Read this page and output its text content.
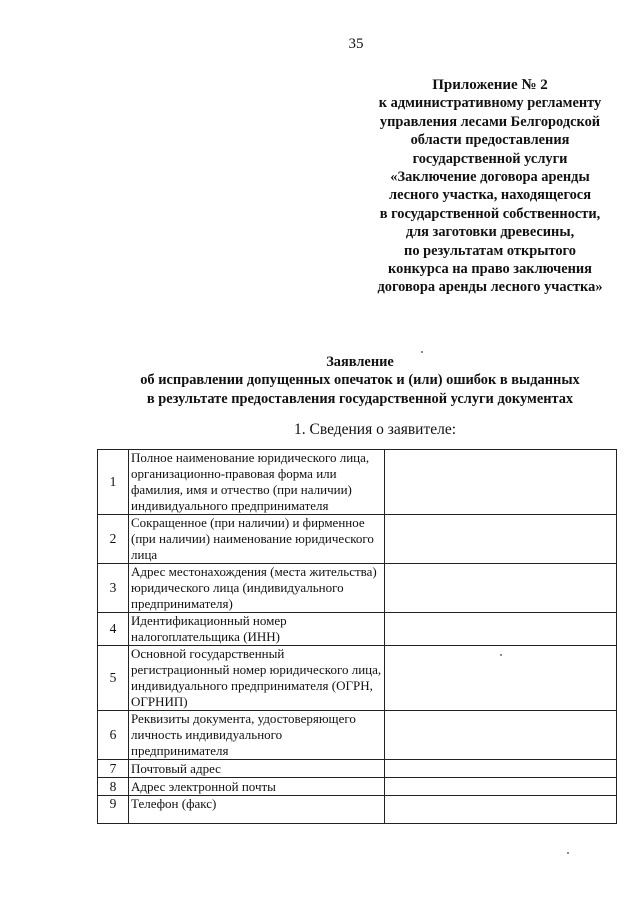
35
Приложение № 2
к административному регламенту
управления лесами Белгородской
области предоставления
государственной услуги
«Заключение договора аренды
лесного участка, находящегося
в государственной собственности,
для заготовки древесины,
по результатам открытого
конкурса на право заключения
договора аренды лесного участка»
Заявление
об исправлении допущенных опечаток и (или) ошибок в выданных
в результате предоставления государственной услуги документах
1. Сведения о заявителе:
1	Полное наименование юридического лица, организационно-правовая форма или фамилия, имя и отчество (при наличии) индивидуального предпринимателя	

2	Сокращенное (при наличии) и фирменное (при наличии) наименование юридического лица	

3	Адрес местонахождения (места жительства) юридического лица (индивидуального предпринимателя)	

4	Идентификационный номер налогоплательщика (ИНН)	

5	Основной государственный регистрационный номер юридического лица, индивидуального предпринимателя (ОГРН, ОГРНИП)	

6	Реквизиты документа, удостоверяющего личность индивидуального предпринимателя	

7	Почтовый адрес	

8	Адрес электронной почты	

9	Телефон (факс)	
